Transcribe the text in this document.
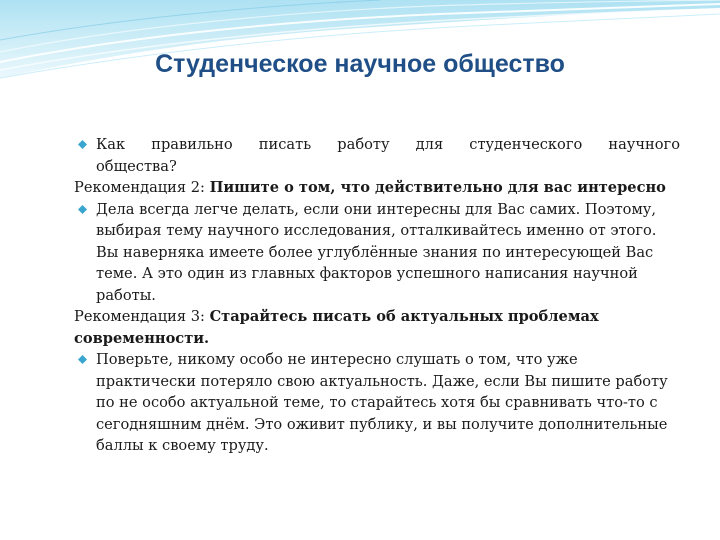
Студенческое научное общество
Как правильно писать работу для студенческого научного
общества?
Рекомендация 2: Пишите о том, что действительно для вас интересно
Дела всегда легче делать, если они интересны для Вас самих. Поэтому, выбирая тему научного исследования, отталкивайтесь именно от этого. Вы наверняка имеете более углублённые знания по интересующей Вас теме. А это один из главных факторов успешного написания научной работы.
Рекомендация 3: Старайтесь писать об актуальных проблемах современности.
Поверьте, никому особо не интересно слушать о том, что уже практически потеряло свою актуальность. Даже, если Вы пишите работу по не особо актуальной теме, то старайтесь хотя бы сравнивать что-то с сегодняшним днём. Это оживит публику, и вы получите дополнительные баллы к своему труду.
